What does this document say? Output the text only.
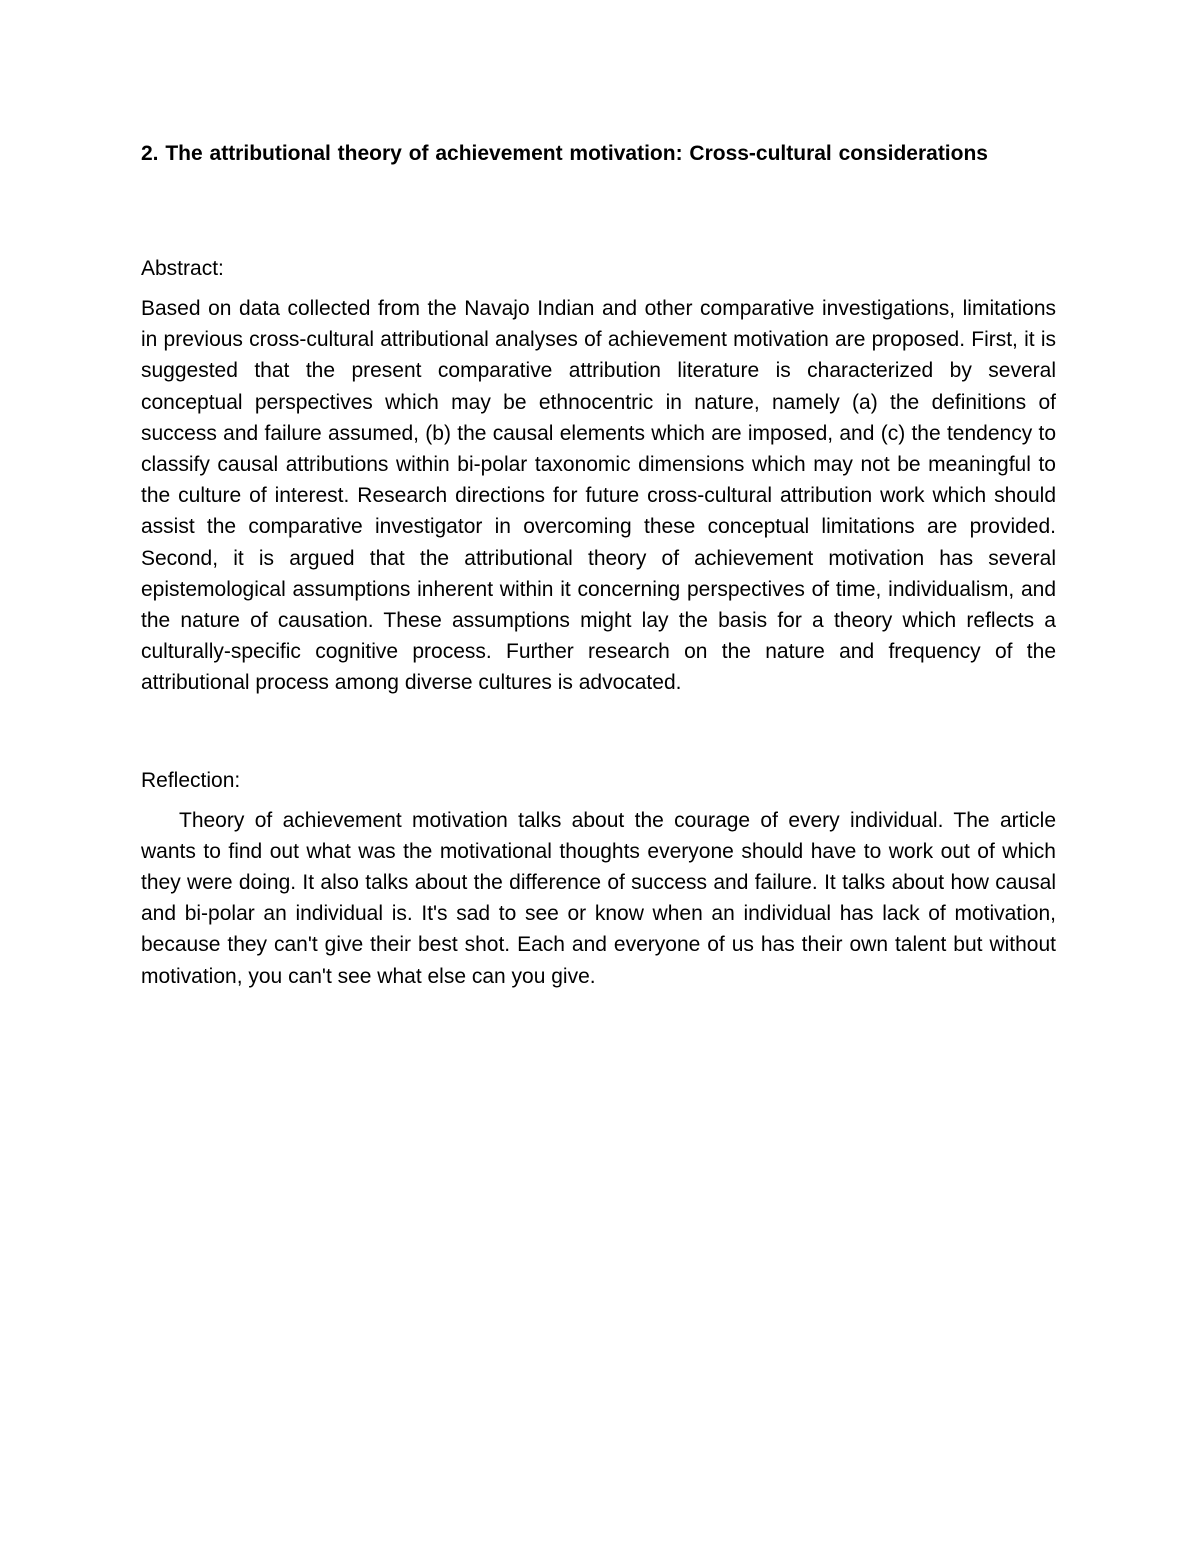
2. The attributional theory of achievement motivation: Cross-cultural considerations

Abstract:

Based on data collected from the Navajo Indian and other comparative investigations, limitations in previous cross-cultural attributional analyses of achievement motivation are proposed. First, it is suggested that the present comparative attribution literature is characterized by several conceptual perspectives which may be ethnocentric in nature, namely (a) the definitions of success and failure assumed, (b) the causal elements which are imposed, and (c) the tendency to classify causal attributions within bi-polar taxonomic dimensions which may not be meaningful to the culture of interest. Research directions for future cross-cultural attribution work which should assist the comparative investigator in overcoming these conceptual limitations are provided. Second, it is argued that the attributional theory of achievement motivation has several epistemological assumptions inherent within it concerning perspectives of time, individualism, and the nature of causation. These assumptions might lay the basis for a theory which reflects a culturally-specific cognitive process. Further research on the nature and frequency of the attributional process among diverse cultures is advocated.

Reflection:

Theory of achievement motivation talks about the courage of every individual. The article wants to find out what was the motivational thoughts everyone should have to work out of which they were doing. It also talks about the difference of success and failure. It talks about how causal and bi-polar an individual is. It's sad to see or know when an individual has lack of motivation, because they can't give their best shot. Each and everyone of us has their own talent but without motivation, you can't see what else can you give.
